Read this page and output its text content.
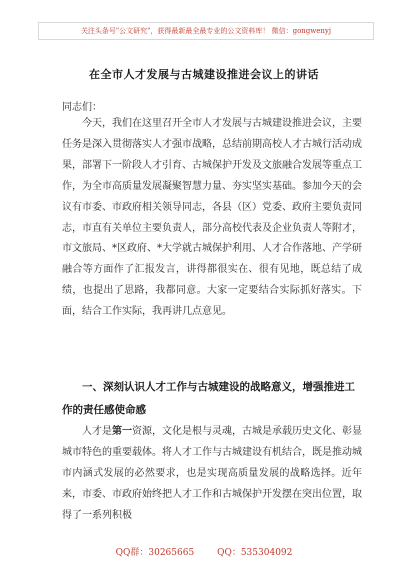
关注头条号"公文研究"，获得最新最全最专业的公文资料库！ 微信：gongwenyj
在全市人才发展与古城建设推进会议上的讲话
同志们：
今天，我们在这里召开全市人才发展与古城建设推进会议，主要任务是深入贯彻落实人才强市战略，总结前期高校人才古城行活动成果，部署下一阶段人才引育、古城保护开发及文旅融合发展等重点工作，为全市高质量发展凝聚智慧力量、夯实坚实基础。参加今天的会议有市委、市政府相关领导同志，各县（区）党委、政府主要负责同志，市直有关单位主要负责人，部分高校代表及企业负责人等附才，市文旅局、*区政府、*大学就古城保护利用、人才合作落地、产学研融合等方面作了汇报发言，讲得都很实在、很有见地，既总结了成绩，也提出了思路，我都同意。大家一定要结合实际抓好落实。下面，结合工作实际，我再讲几点意见。
一、深刻认识人才工作与古城建设的战略意义，增强推进工作的责任感使命感
人才是第一资源，文化是根与灵魂，古城是承载历史文化、彰显城市特色的重要载体。将人才工作与古城建设有机结合，既是推动城市内涵式发展的必然要求，也是实现高质量发展的战略选择。近年来，市委、市政府始终把人才工作和古城保护开发摆在突出位置，取得了一系列积极
QQ群：30265665	QQ：535304092
